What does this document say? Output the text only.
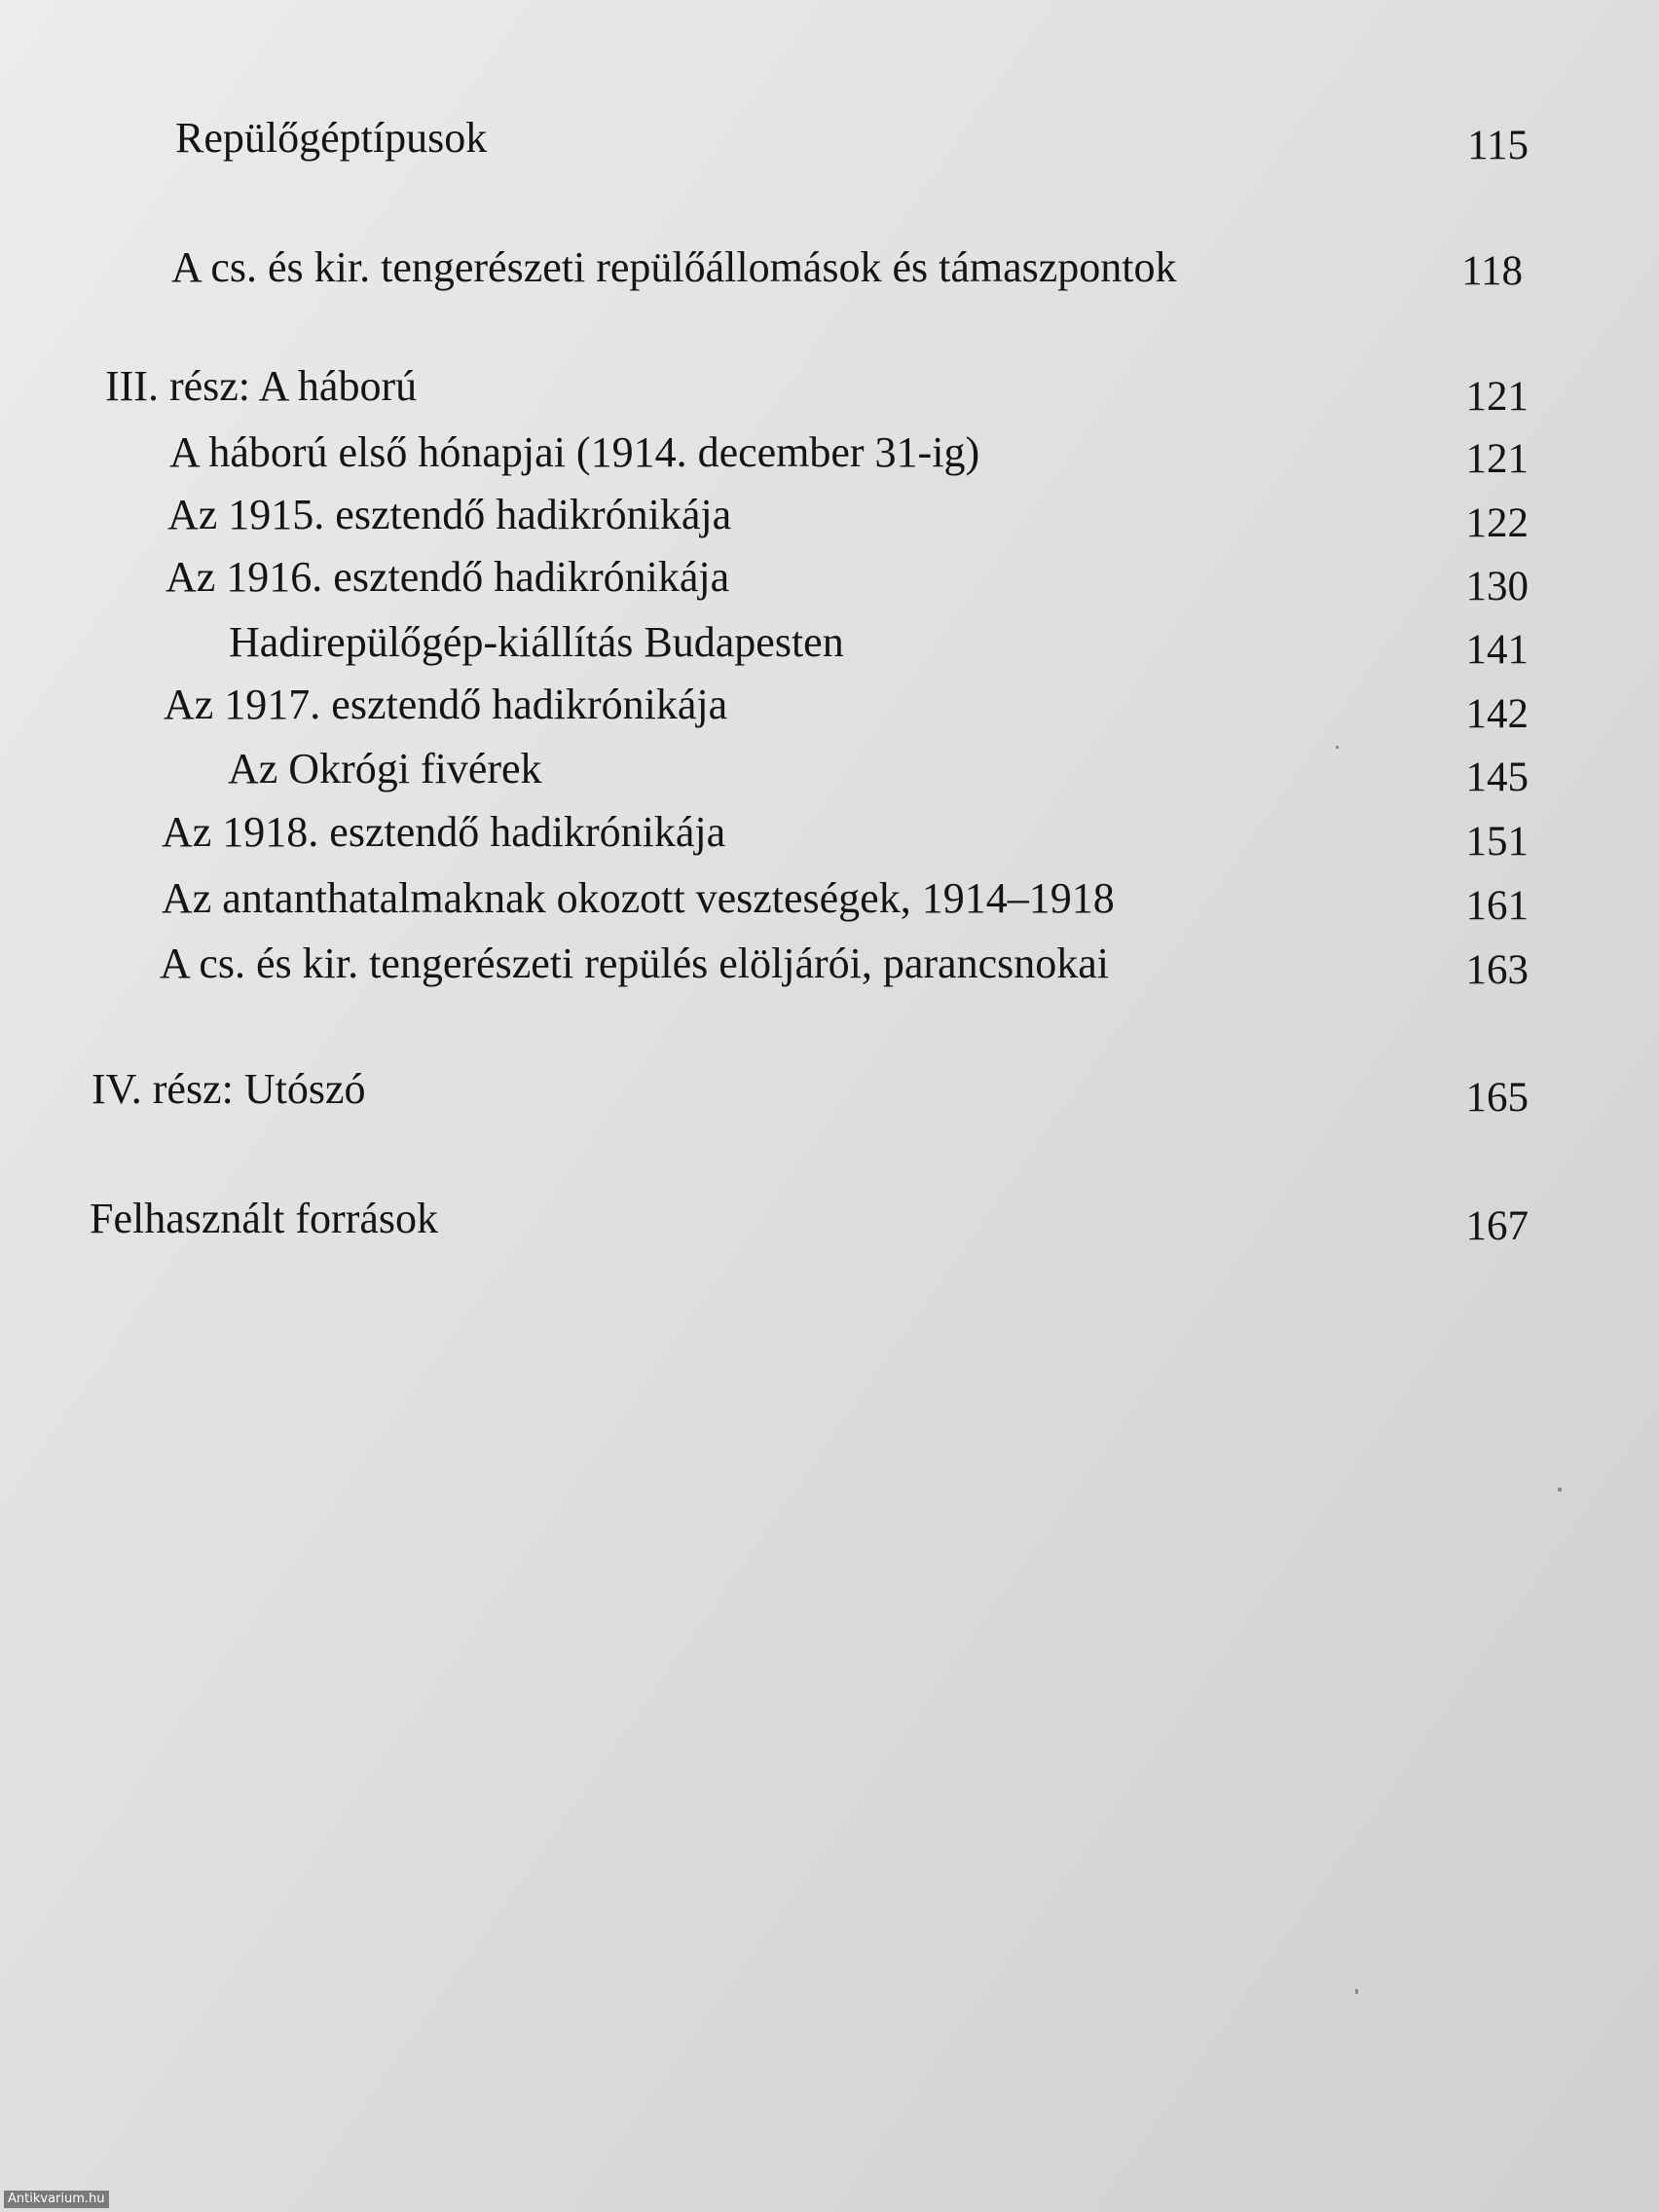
Repülőgéptípusok	115
A cs. és kir. tengerészeti repülőállomások és támaszpontok	118
III. rész: A háború	121
A háború első hónapjai (1914. december 31-ig)	121
Az 1915. esztendő hadikrónikája	122
Az 1916. esztendő hadikrónikája	130
Hadirepülőgép-kiállítás Budapesten	141
Az 1917. esztendő hadikrónikája	142
Az Okrógi fivérek	145
Az 1918. esztendő hadikrónikája	151
Az antanthatalmaknak okozott veszteségek, 1914–1918	161
A cs. és kir. tengerészeti repülés elöljárói, parancsnokai	163
IV. rész: Utószó	165
Felhasznált források	167
Antikvarium.hu
